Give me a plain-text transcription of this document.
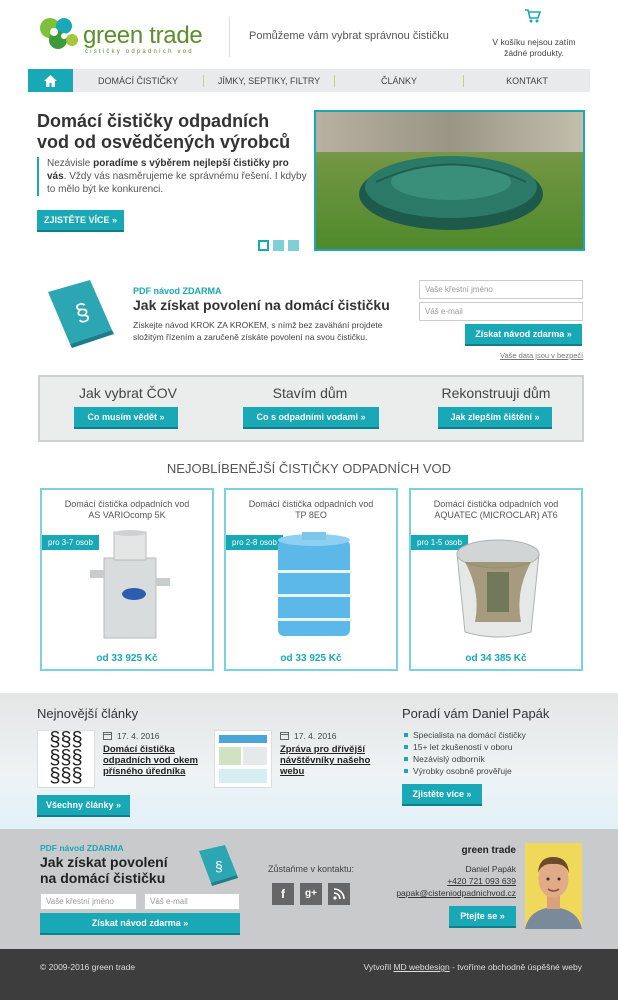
green trade
čističky odpadních vod
Pomůžeme vám vybrat správnou čističku	V košíku nejsou zatím žádné produkty.
DOMÁCÍ ČISTIČKY	JÍMKY, SEPTIKY, FILTRY	ČLÁNKY	KONTAKT
Domácí čističky odpadních
vod od osvědčených výrobců
Nezávisle poradíme s výběrem nejlepší čističky pro vás. Vždy vás nasměrujeme ke správnému řešení. I kdyby to mělo být ke konkurenci.
ZJISTĚTE VÍCE »
§
PDF návod ZDARMA
Jak získat povolení na domácí čističku
Získejte návod KROK ZA KROKEM, s nímž bez zavähání projdete složitým řízením a zaručeně získáte povolení na svou čističku.
Vaše křestní jméno
Váš e-mail
Získat návod zdarma »
Vaše data jsou v bezpečí
Jak vybrat ČOV
Co musím vědět »
Stavím dům
Co s odpadními vodami »
Rekonstruuji dům
Jak zlepším čištění »
NEJOBLÍBENĚJŠÍ ČISTIČKY ODPADNÍCH VOD
Domácí čistička odpadních vod
AS VARIOcomp 5K
pro 3-7 osob
od 33 925 Kč
Domácí čistička odpadních vod
TP 8EO
pro 2-8 osob
od 33 925 Kč
Domácí čistička odpadních vod
AQUATEC (MICROCLAR) AT6
pro 1-5 osob
od 34 385 Kč
Nejnovější články
§§§
§§§
§§§
17. 4. 2016
Domácí čistička odpadních vod okem přísného úředníka
17. 4. 2016
Zpráva pro dřívější návštěvníky našeho webu
Všechny články »
Poradí vám Daniel Papák
Specialista na domácí čističky
15+ let zkušeností v oboru
Nezávislý odborník
Výrobky osobně prověřuje
Zjistěte více »
PDF návod ZDARMA
Jak získat povolení
na domácí čističku
§
Vaše křestní jméno	Váš e-mail
Získat návod zdarma »
Zůstaňme v kontaktu:
f	g+
green trade
Daniel Papák
+420 721 093 639
papak@cisteniodpadnichvod.cz
Ptejte se »
© 2009-2016 green trade	Vytvořil MD webdesign - tvoříme obchodně úspěšné weby
